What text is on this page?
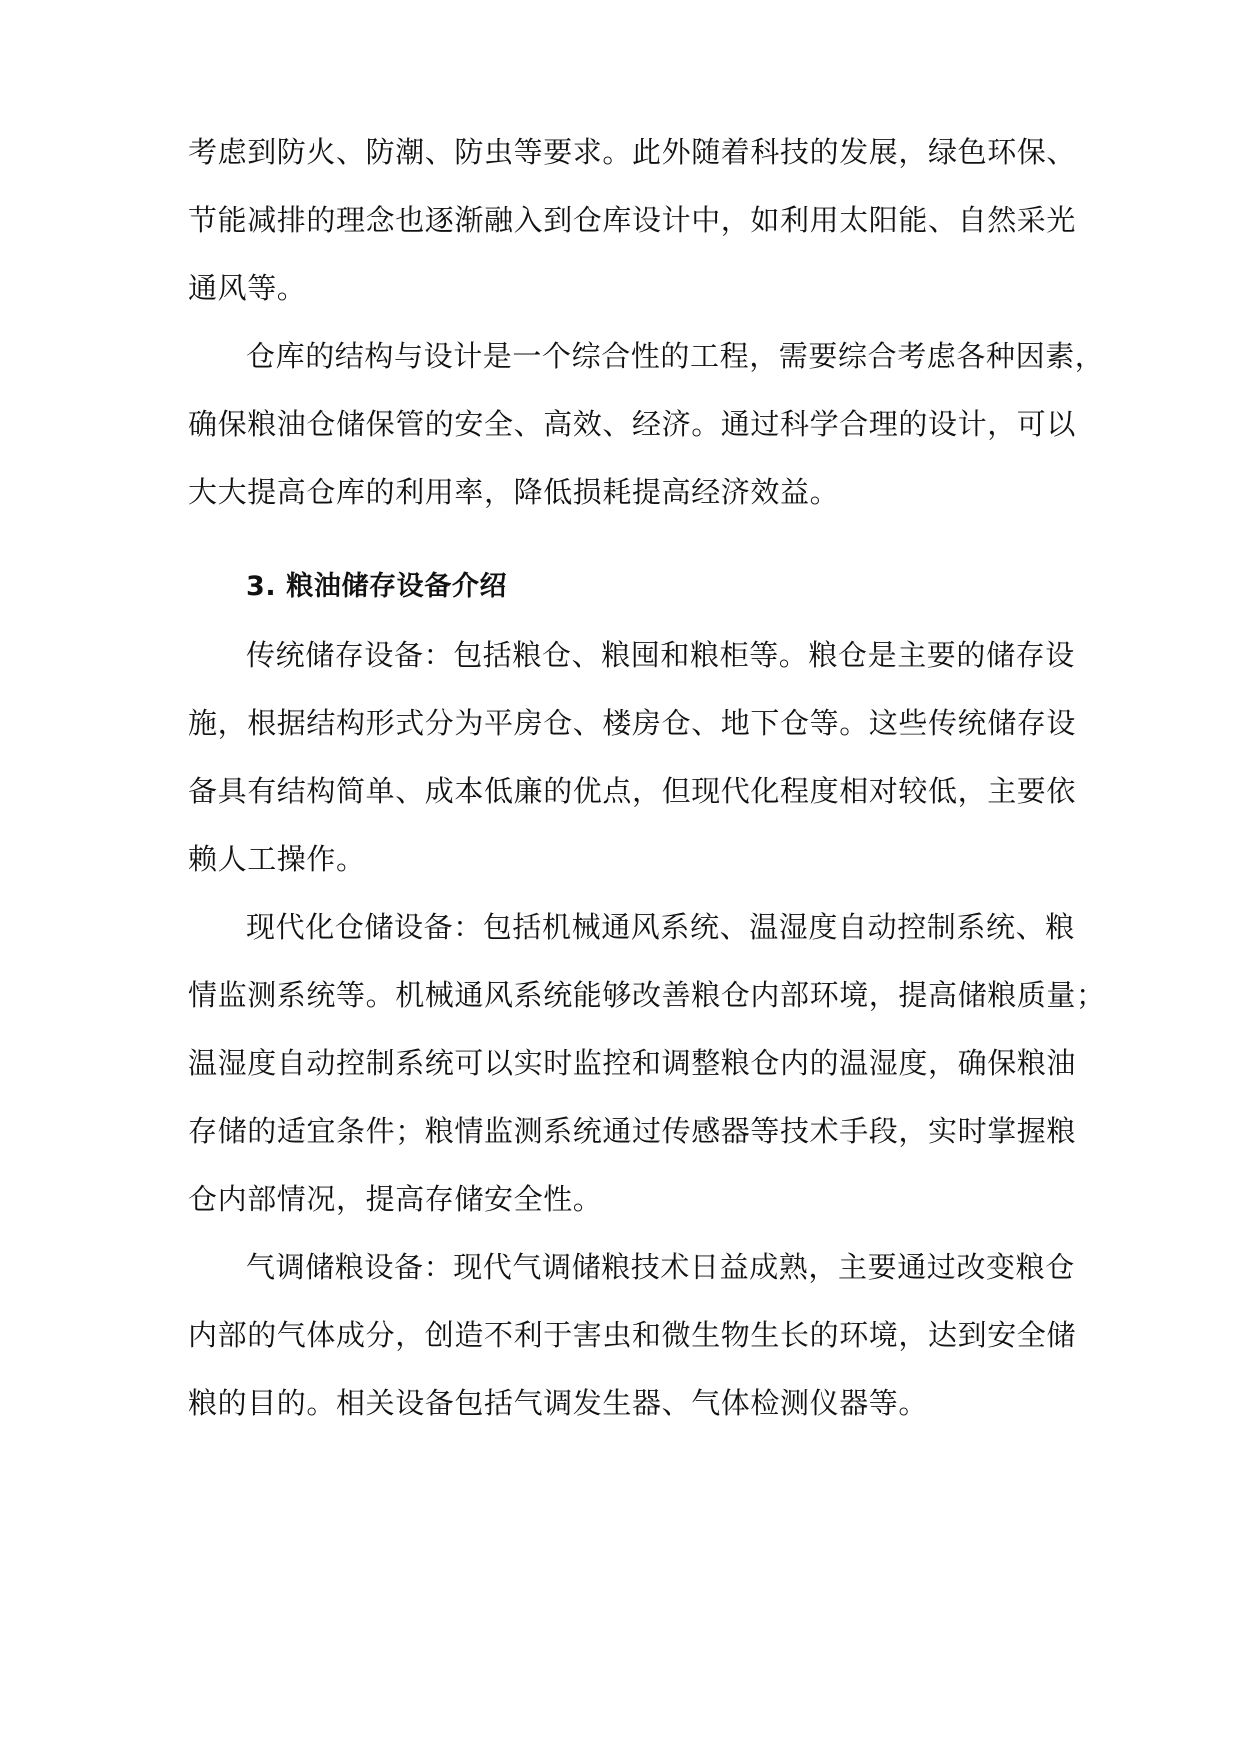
考虑到防火、防潮、防虫等要求。此外随着科技的发展，绿色环保、
节能减排的理念也逐渐融入到仓库设计中，如利用太阳能、自然采光
通风等。
仓库的结构与设计是一个综合性的工程，需要综合考虑各种因素，
确保粮油仓储保管的安全、高效、经济。通过科学合理的设计，可以
大大提高仓库的利用率，降低损耗提高经济效益。
3. 粮油储存设备介绍
传统储存设备：包括粮仓、粮囤和粮柜等。粮仓是主要的储存设
施，根据结构形式分为平房仓、楼房仓、地下仓等。这些传统储存设
备具有结构简单、成本低廉的优点，但现代化程度相对较低，主要依
赖人工操作。
现代化仓储设备：包括机械通风系统、温湿度自动控制系统、粮
情监测系统等。机械通风系统能够改善粮仓内部环境，提高储粮质量；
温湿度自动控制系统可以实时监控和调整粮仓内的温湿度，确保粮油
存储的适宜条件；粮情监测系统通过传感器等技术手段，实时掌握粮
仓内部情况，提高存储安全性。
气调储粮设备：现代气调储粮技术日益成熟，主要通过改变粮仓
内部的气体成分，创造不利于害虫和微生物生长的环境，达到安全储
粮的目的。相关设备包括气调发生器、气体检测仪器等。
